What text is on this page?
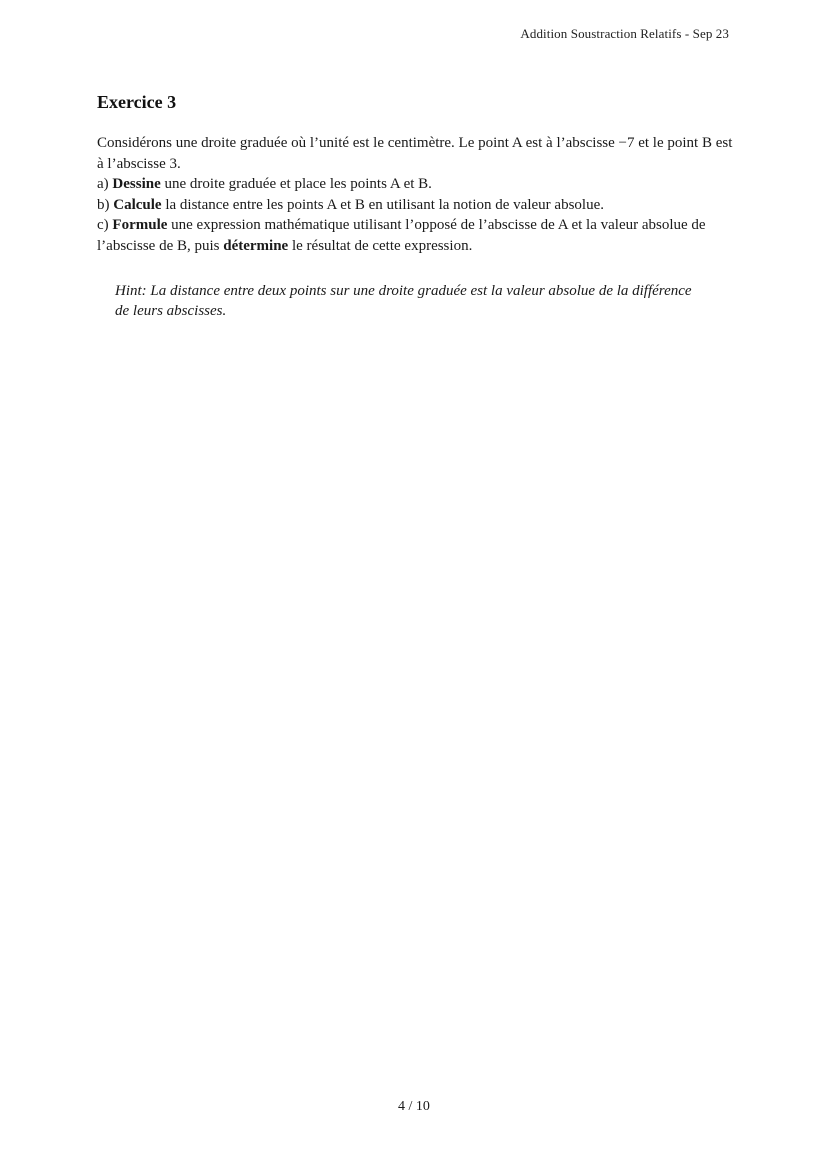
Addition Soustraction Relatifs - Sep 23
Exercice 3

Considérons une droite graduée où l’unité est le centimètre. Le point A est à l’abscisse −7 et le point B est à l’abscisse 3.

a) Dessine une droite graduée et place les points A et B.
b) Calcule la distance entre les points A et B en utilisant la notion de valeur absolue.
c) Formule une expression mathématique utilisant l’opposé de l’abscisse de A et la valeur absolue de l’abscisse de B, puis détermine le résultat de cette expression.
Hint: La distance entre deux points sur une droite graduée est la valeur absolue de la différence de leurs abscisses.
4 / 10
